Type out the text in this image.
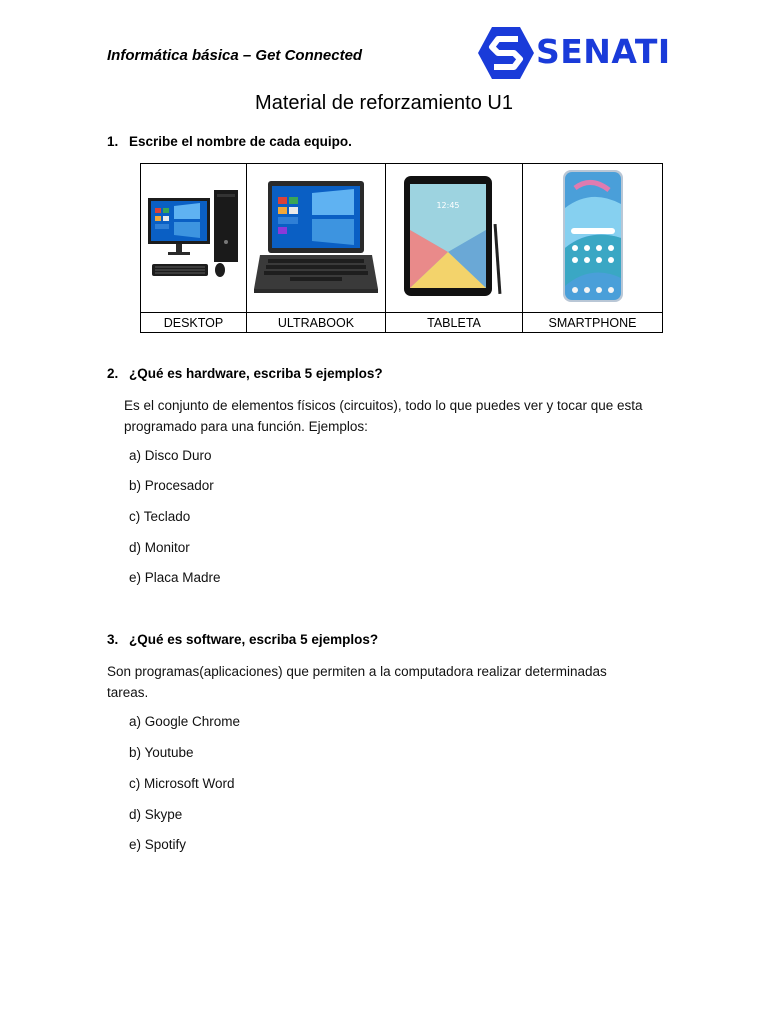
Informática básica – Get Connected	SENATI
Material de reforzamiento U1
1. Escribe el nombre de cada equipo.

12:45

DESKTOP	ULTRABOOK	TABLETA	SMARTPHONE
2. ¿Qué es hardware, escriba 5 ejemplos?
Es el conjunto de elementos físicos (circuitos), todo lo que puedes ver y tocar que esta
programado para una función. Ejemplos:
a) Disco Duro
b) Procesador
c) Teclado
d) Monitor
e) Placa Madre
3. ¿Qué es software, escriba 5 ejemplos?
Son programas(aplicaciones) que permiten a la computadora realizar determinadas
tareas.
a) Google Chrome
b) Youtube
c) Microsoft Word
d) Skype
e) Spotify
